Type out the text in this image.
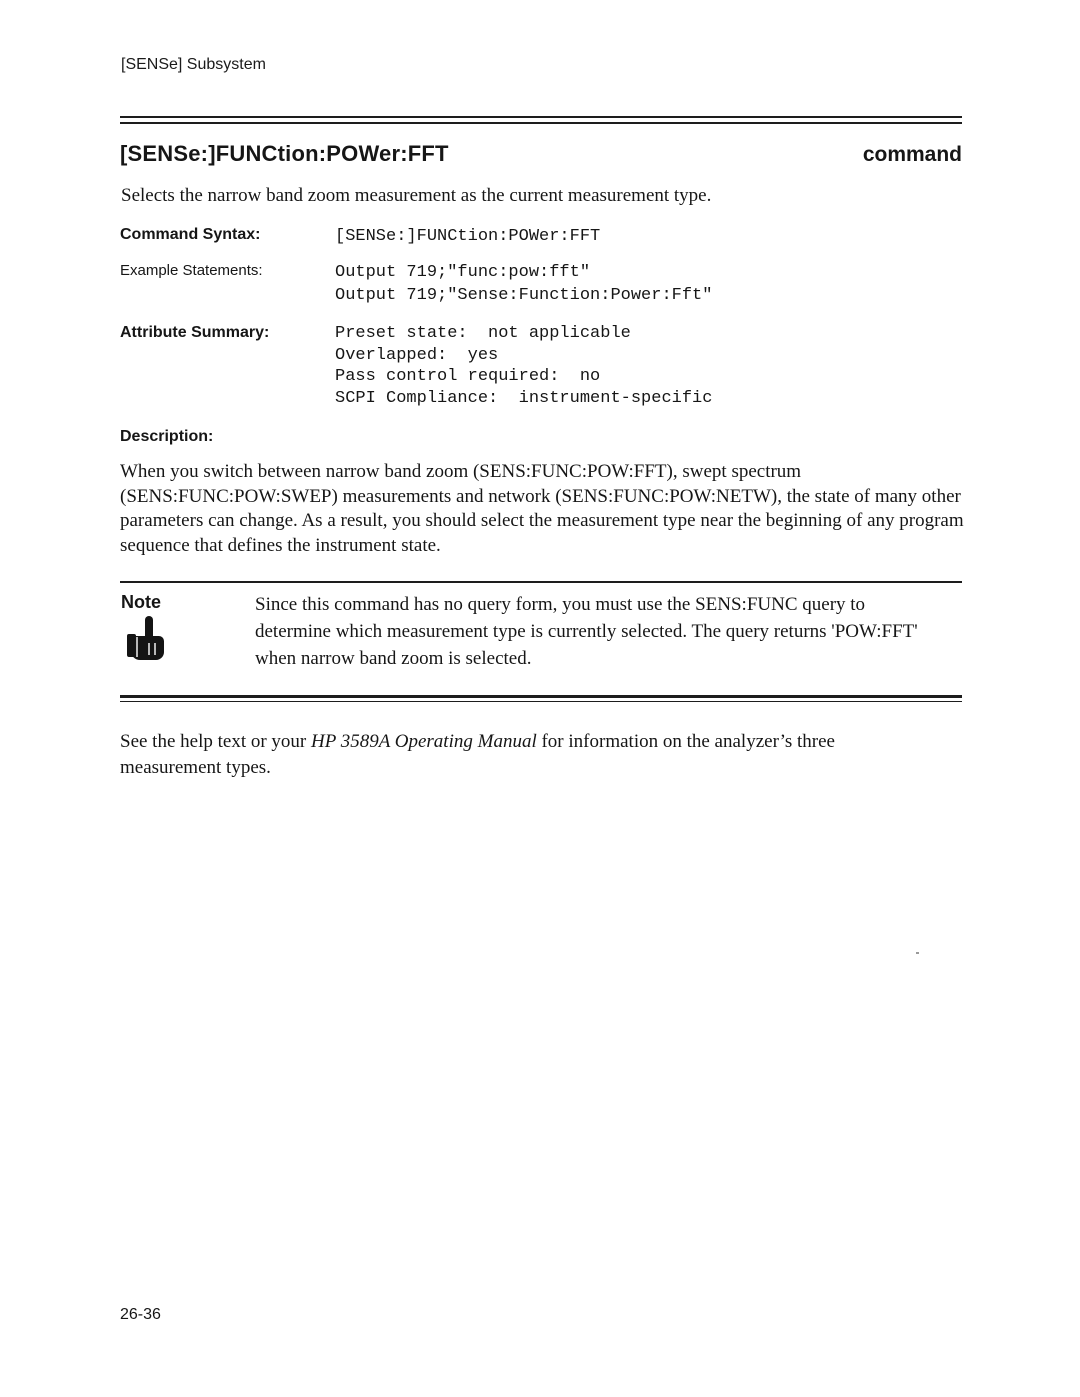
[SENSe] Subsystem
[SENSe:]FUNCtion:POWer:FFT	command
Selects the narrow band zoom measurement as the current measurement type.
Command Syntax:	[SENSe:]FUNCtion:POWer:FFT
Example Statements:	Output 719;"func:pow:fft"
Output 719;"Sense:Function:Power:Fft"
Attribute Summary:	Preset state:  not applicable
Overlapped:  yes
Pass control required:  no
SCPI Compliance:  instrument-specific
Description:
When you switch between narrow band zoom (SENS:FUNC:POW:FFT), swept spectrum (SENS:FUNC:POW:SWEP) measurements and network (SENS:FUNC:POW:NETW), the state of many other parameters can change. As a result, you should select the measurement type near the beginning of any program sequence that defines the instrument state.
Note	Since this command has no query form, you must use the SENS:FUNC query to determine which measurement type is currently selected. The query returns 'POW:FFT' when narrow band zoom is selected.
See the help text or your HP 3589A Operating Manual for information on the analyzer’s three measurement types.
26-36
